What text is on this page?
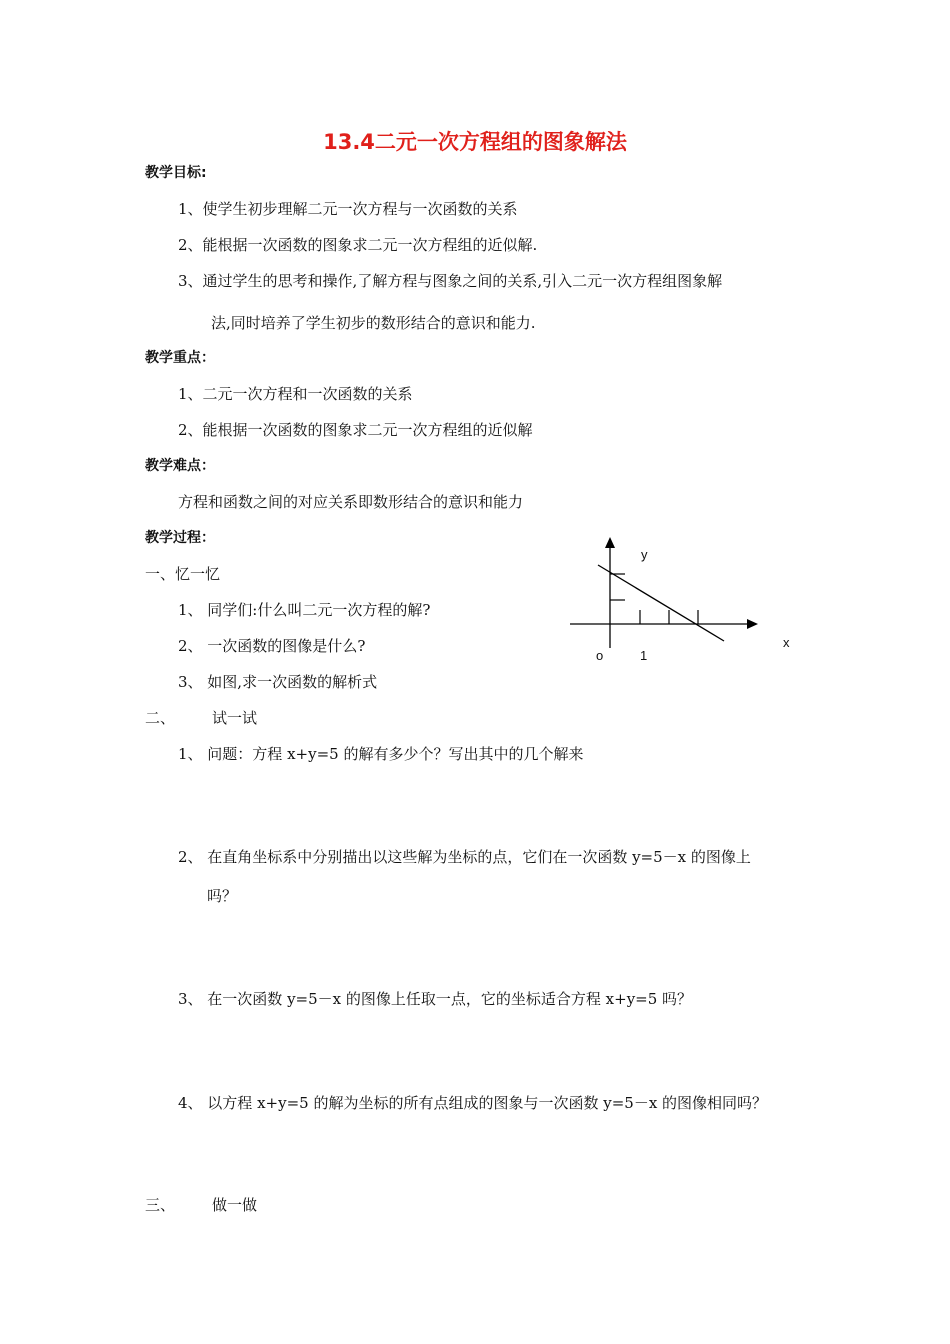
13.4二元一次方程组的图象解法
教学目标:
1、使学生初步理解二元一次方程与一次函数的关系
2、能根据一次函数的图象求二元一次方程组的近似解.
3、通过学生的思考和操作,了解方程与图象之间的关系,引入二元一次方程组图象解
法,同时培养了学生初步的数形结合的意识和能力.
教学重点：
1、二元一次方程和一次函数的关系
2、能根据一次函数的图象求二元一次方程组的近似解
教学难点：
方程和函数之间的对应关系即数形结合的意识和能力
教学过程：
一、忆一忆
1、 同学们:什么叫二元一次方程的解?
2、 一次函数的图像是什么?
3、 如图,求一次函数的解析式
二、 试一试
1、 问题：方程 x+y=5 的解有多少个？写出其中的几个解来
2、 在直角坐标系中分别描出以这些解为坐标的点，它们在一次函数 y=5－x 的图像上
吗？
3、 在一次函数 y=5－x 的图像上任取一点，它的坐标适合方程 x+y=5 吗？
4、 以方程 x+y=5 的解为坐标的所有点组成的图象与一次函数 y=5－x 的图像相同吗？
三、 做一做
y
x
o	1
